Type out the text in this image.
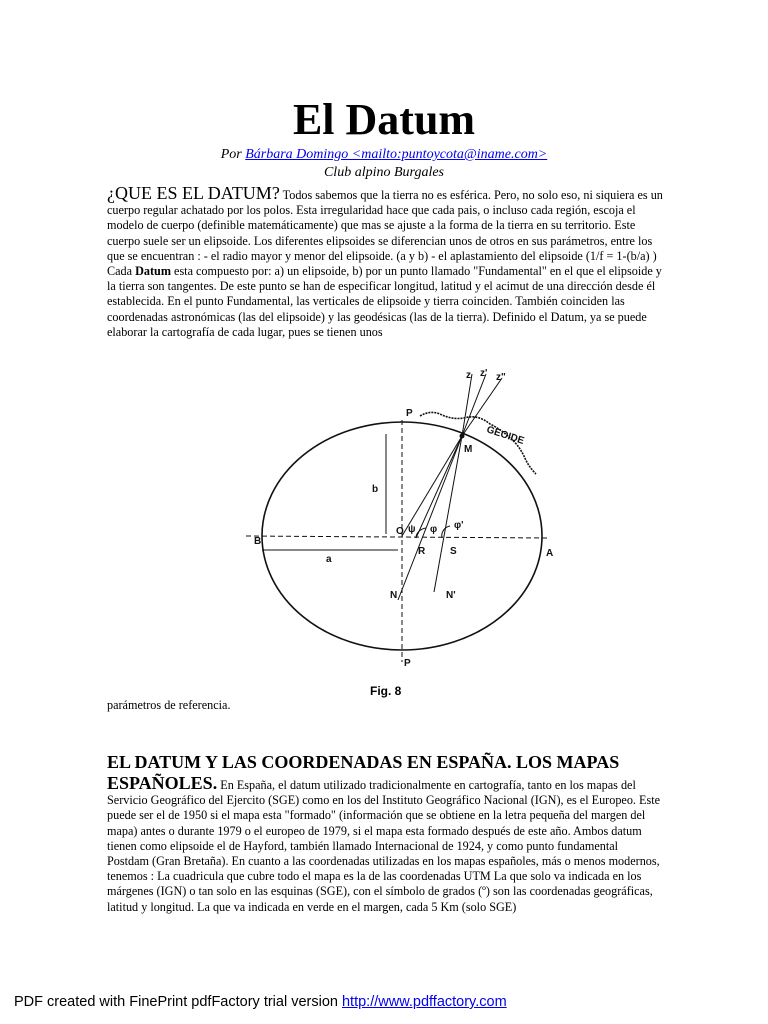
El Datum
Por Bárbara Domingo <mailto:puntoycota@iname.com>
Club alpino Burgales

¿QUE ES EL DATUM? Todos sabemos que la tierra no es esférica. Pero, no solo eso, ni siquiera es un cuerpo regular achatado por los polos. Esta irregularidad hace que cada pais, o incluso cada región, escoja el modelo de cuerpo (definible matemáticamente) que mas se ajuste a la forma de la tierra en su territorio. Este cuerpo suele ser un elipsoide. Los diferentes elipsoides se diferencian unos de otros en sus parámetros, entre los que se encuentran : - el radio mayor y menor del elipsoide. (a y b) - el aplastamiento del elipsoide (1/f = 1-(b/a) ) Cada Datum esta compuesto por: a) un elipsoide, b) por un punto llamado "Fundamental" en el que el elipsoide y la tierra son tangentes. De este punto se han de especificar longitud, latitud y el acimut de una dirección desde él establecida. En el punto Fundamental, las verticales de elipsoide y tierra coinciden. También coinciden las coordenadas astronómicas (las del elipsoide) y las geodésicas (las de la tierra). Definido el Datum, ya se puede elaborar la cartografía de cada lugar, pues se tienen unos

z z' z"
P
GEOIDE
M
b
B
A
a
O
R S
ψ φ φ'
N	N'
P
Fig. 8

parámetros de referencia.

EL DATUM Y LAS COORDENADAS EN ESPAÑA. LOS MAPAS

ESPAÑOLES. En España, el datum utilizado tradicionalmente en cartografía, tanto en los mapas del Servicio Geográfico del Ejercito (SGE) como en los del Instituto Geográfico Nacional (IGN), es el Europeo. Este puede ser el de 1950 si el mapa esta "formado" (información que se obtiene en la letra pequeña del margen del mapa) antes o durante 1979 o el europeo de 1979, si el mapa esta formado después de este año. Ambos datum tienen como elipsoide el de Hayford, también llamado Internacional de 1924, y como punto fundamental Postdam (Gran Bretaña). En cuanto a las coordenadas utilizadas en los mapas españoles, más o menos modernos, tenemos : La cuadricula que cubre todo el mapa es la de las coordenadas UTM La que solo va indicada en los márgenes (IGN) o tan solo en las esquinas (SGE), con el símbolo de grados (º) son las coordenadas geográficas, latitud y longitud. La que va indicada en verde en el margen, cada 5 Km (solo SGE)

PDF created with FinePrint pdfFactory trial version http://www.pdffactory.com
